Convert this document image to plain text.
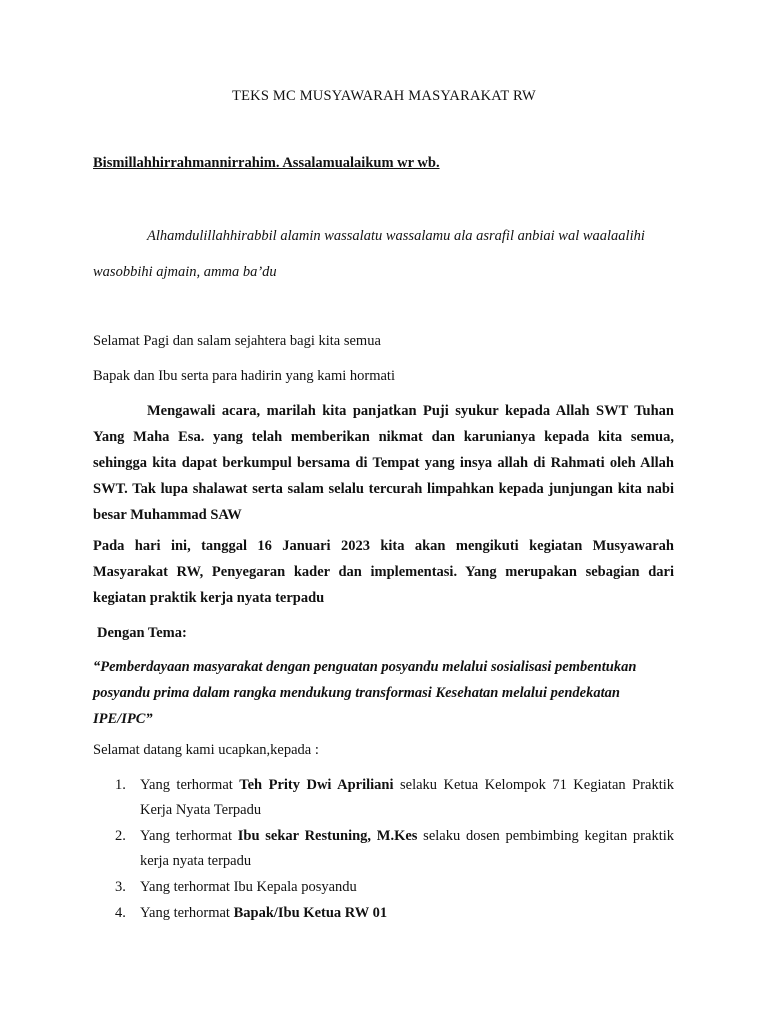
TEKS MC MUSYAWARAH MASYARAKAT RW
Bismillahhirrahmannirrahim. Assalamualaikum wr wb.
Alhamdulillahhirabbil alamin wassalatu wassalamu ala asrafil anbiai wal waalaalihi
wasobbihi ajmain, amma ba’du
Selamat Pagi dan salam sejahtera bagi kita semua
Bapak dan Ibu serta para hadirin yang kami hormati
Mengawali acara, marilah kita panjatkan Puji syukur kepada Allah SWT Tuhan Yang Maha Esa. yang telah memberikan nikmat dan karunianya kepada kita semua, sehingga kita dapat berkumpul bersama di Tempat yang insya allah di Rahmati oleh Allah SWT. Tak lupa shalawat serta salam selalu tercurah limpahkan kepada junjungan kita nabi besar Muhammad SAW
Pada hari ini, tanggal 16 Januari 2023 kita akan mengikuti kegiatan Musyawarah Masyarakat RW, Penyegaran kader dan implementasi. Yang merupakan sebagian dari kegiatan praktik kerja nyata terpadu
Dengan Tema:
“Pemberdayaan masyarakat dengan penguatan posyandu melalui sosialisasi pembentukan posyandu prima dalam rangka mendukung transformasi Kesehatan melalui pendekatan IPE/IPC”
Selamat datang kami ucapkan,kepada :
1. Yang terhormat Teh Prity Dwi Apriliani selaku Ketua Kelompok 71 Kegiatan Praktik Kerja Nyata Terpadu
2. Yang terhormat Ibu sekar Restuning, M.Kes selaku dosen pembimbing kegitan praktik kerja nyata terpadu
3. Yang terhormat Ibu Kepala posyandu
4. Yang terhormat Bapak/Ibu Ketua RW 01
